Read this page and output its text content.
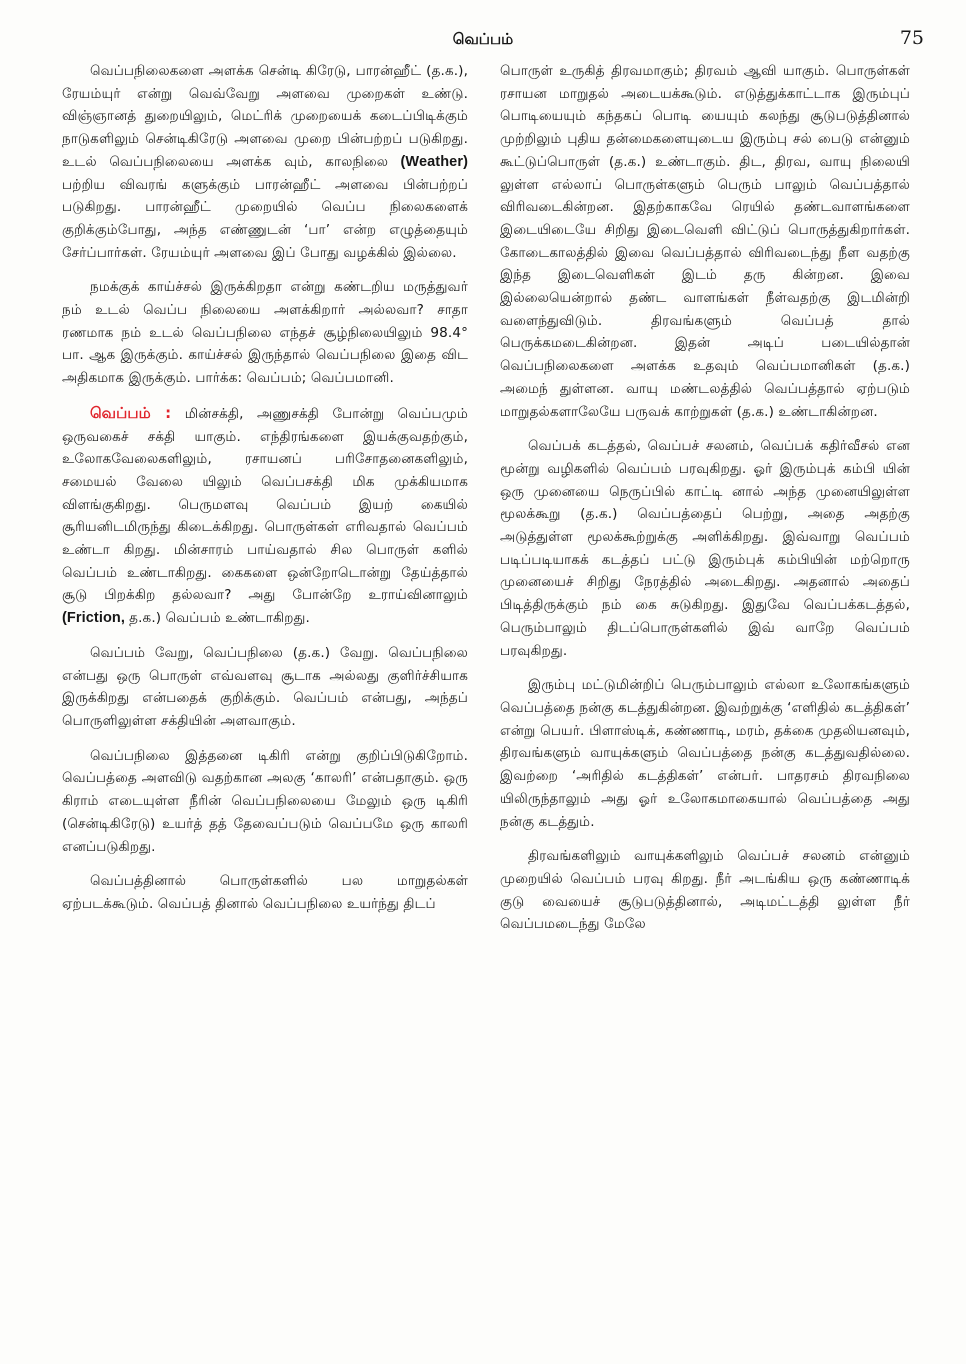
வெப்பம்	75

வெப்பநிலைகளை அளக்க சென்டி கிரேடு, பாரன்ஹீட் (த.க.), ரேயம்யுர் என்று வெவ்வேறு அளவை முறைகள் உண்டு. விஞ்ஞானத் துறையிலும், மெட்ரிக் முறையைக் கடைப்பிடிக்கும் நாடுகளிலும் சென்டிகிரேடு அளவை முறை பின்பற்றப் படுகிறது. உடல் வெப்பநிலையை அளக்க வும், காலநிலை (Weather) பற்றிய விவரங் களுக்கும் பாரன்ஹீட் அளவை பின்பற்றப் படுகிறது. பாரன்ஹீட் முறையில் வெப்ப நிலைகளைக் குறிக்கும்போது, அந்த எண்ணுடன் ‘பா’ என்ற எழுத்தையும் சேர்ப்பார்கள். ரேயம்யுர் அளவை இப் போது வழக்கில் இல்லை.

நமக்குக் காய்ச்சல் இருக்கிறதா என்று கண்டறிய மருத்துவர் நம் உடல் வெப்ப நிலையை அளக்கிறார் அல்லவா? சாதா ரணமாக நம் உடல் வெப்பநிலை எந்தச் சூழ்நிலையிலும் 98.4° பா. ஆக இருக்கும். காய்ச்சல் இருந்தால் வெப்பநிலை இதை விட அதிகமாக இருக்கும். பார்க்க: வெப்பம்; வெப்பமானி.

வெப்பம் : மின்சக்தி, அணுசக்தி போன்று வெப்பமும் ஒருவகைச் சக்தி யாகும். எந்திரங்களை இயக்குவதற்கும், உலோகவேலைகளிலும், ரசாயனப் பரிசோதனைகளிலும், சமையல் வேலை யிலும் வெப்பசக்தி மிக முக்கியமாக விளங்குகிறது. பெருமளவு வெப்பம் இயற் கையில் சூரியனிடமிருந்து கிடைக்கிறது. பொருள்கள் எரிவதால் வெப்பம் உண்டா கிறது. மின்சாரம் பாய்வதால் சில பொருள் களில் வெப்பம் உண்டாகிறது. கைகளை ஒன்றோடொன்று தேய்த்தால் சூடு பிறக்கிற தல்லவா? அது போன்றே உராய்வினாலும் (Friction, த.க.) வெப்பம் உண்டாகிறது.

வெப்பம் வேறு, வெப்பநிலை (த.க.) வேறு. வெப்பநிலை என்பது ஒரு பொருள் எவ்வளவு சூடாக அல்லது குளிர்ச்சியாக இருக்கிறது என்பதைக் குறிக்கும். வெப்பம் என்பது, அந்தப் பொருளிலுள்ள சக்தியின் அளவாகும்.

வெப்பநிலை இத்தனை டிகிரி என்று குறிப்பிடுகிறோம். வெப்பத்தை அளவிடு வதற்கான அலகு ‘காலரி’ என்பதாகும். ஒரு கிராம் எடையுள்ள நீரின் வெப்பநிலையை மேலும் ஒரு டிகிரி (சென்டிகிரேடு) உயர்த் தத் தேவைப்படும் வெப்பமே ஒரு காலரி எனப்படுகிறது.

வெப்பத்தினால் பொருள்களில் பல மாறுதல்கள் ஏற்படக்கூடும். வெப்பத் தினால் வெப்பநிலை உயர்ந்து திடப்

பொருள் உருகித் திரவமாகும்; திரவம் ஆவி யாகும். பொருள்கள் ரசாயன மாறுதல் அடையக்கூடும். எடுத்துக்காட்டாக இரும்புப் பொடியையும் கந்தகப் பொடி யையும் கலந்து சூடுபடுத்தினால் முற்றிலும் புதிய தன்மைகளையுடைய இரும்பு சல் பைடு என்னும் கூட்டுப்பொருள் (த.க.) உண்டாகும். திட, திரவ, வாயு நிலையி லுள்ள எல்லாப் பொருள்களும் பெரும் பாலும் வெப்பத்தால் விரிவடைகின்றன. இதற்காகவே ரெயில் தண்டவாளங்களை இடையிடையே சிறிது இடைவெளி விட்டுப் பொருத்துகிறார்கள். கோடைகாலத்தில் இவை வெப்பத்தால் விரிவடைந்து நீள வதற்கு இந்த இடைவெளிகள் இடம் தரு கின்றன. இவை இல்லையென்றால் தண்ட வாளங்கள் நீள்வதற்கு இடமின்றி வளைந்துவிடும். திரவங்களும் வெப்பத் தால் பெருக்கமடைகின்றன. இதன் அடிப் படையில்தான் வெப்பநிலைகளை அளக்க உதவும் வெப்பமானிகள் (த.க.) அமைந் துள்ளன. வாயு மண்டலத்தில் வெப்பத்தால் ஏற்படும் மாறுதல்களாலேயே பருவக் காற்றுகள் (த.க.) உண்டாகின்றன.

வெப்பக் கடத்தல், வெப்பச் சலனம், வெப்பக் கதிர்வீசல் என மூன்று வழிகளில் வெப்பம் பரவுகிறது. ஓர் இரும்புக் கம்பி யின் ஒரு முனையை நெருப்பில் காட்டி னால் அந்த முனையிலுள்ள மூலக்கூறு (த.க.) வெப்பத்தைப் பெற்று, அதை அதற்கு அடுத்துள்ள மூலக்கூற்றுக்கு அளிக்கிறது. இவ்வாறு வெப்பம் படிப்படியாகக் கடத்தப் பட்டு இரும்புக் கம்பியின் மற்றொரு முனையைச் சிறிது நேரத்தில் அடைகிறது. அதனால் அதைப் பிடித்திருக்கும் நம் கை சுடுகிறது. இதுவே வெப்பக்கடத்தல், பெரும்பாலும் திடப்பொருள்களில் இவ் வாறே வெப்பம் பரவுகிறது.

இரும்பு மட்டுமின்றிப் பெரும்பாலும் எல்லா உலோகங்களும் வெப்பத்தை நன்கு கடத்துகின்றன. இவற்றுக்கு ‘எளிதில் கடத்திகள்’ என்று பெயர். பிளாஸ்டிக், கண்ணாடி, மரம், தக்கை முதலியனவும், திரவங்களும் வாயுக்களும் வெப்பத்தை நன்கு கடத்துவதில்லை. இவற்றை ‘அரிதில் கடத்திகள்’ என்பர். பாதரசம் திரவநிலை யிலிருந்தாலும் அது ஓர் உலோகமாகையால் வெப்பத்தை அது நன்கு கடத்தும்.

திரவங்களிலும் வாயுக்களிலும் வெப்பச் சலனம் என்னும் முறையில் வெப்பம் பரவு கிறது. நீர் அடங்கிய ஒரு கண்ணாடிக் குடு வையைச் சூடுபடுத்தினால், அடிமட்டத்தி லுள்ள நீர் வெப்பமடைந்து மேலே
